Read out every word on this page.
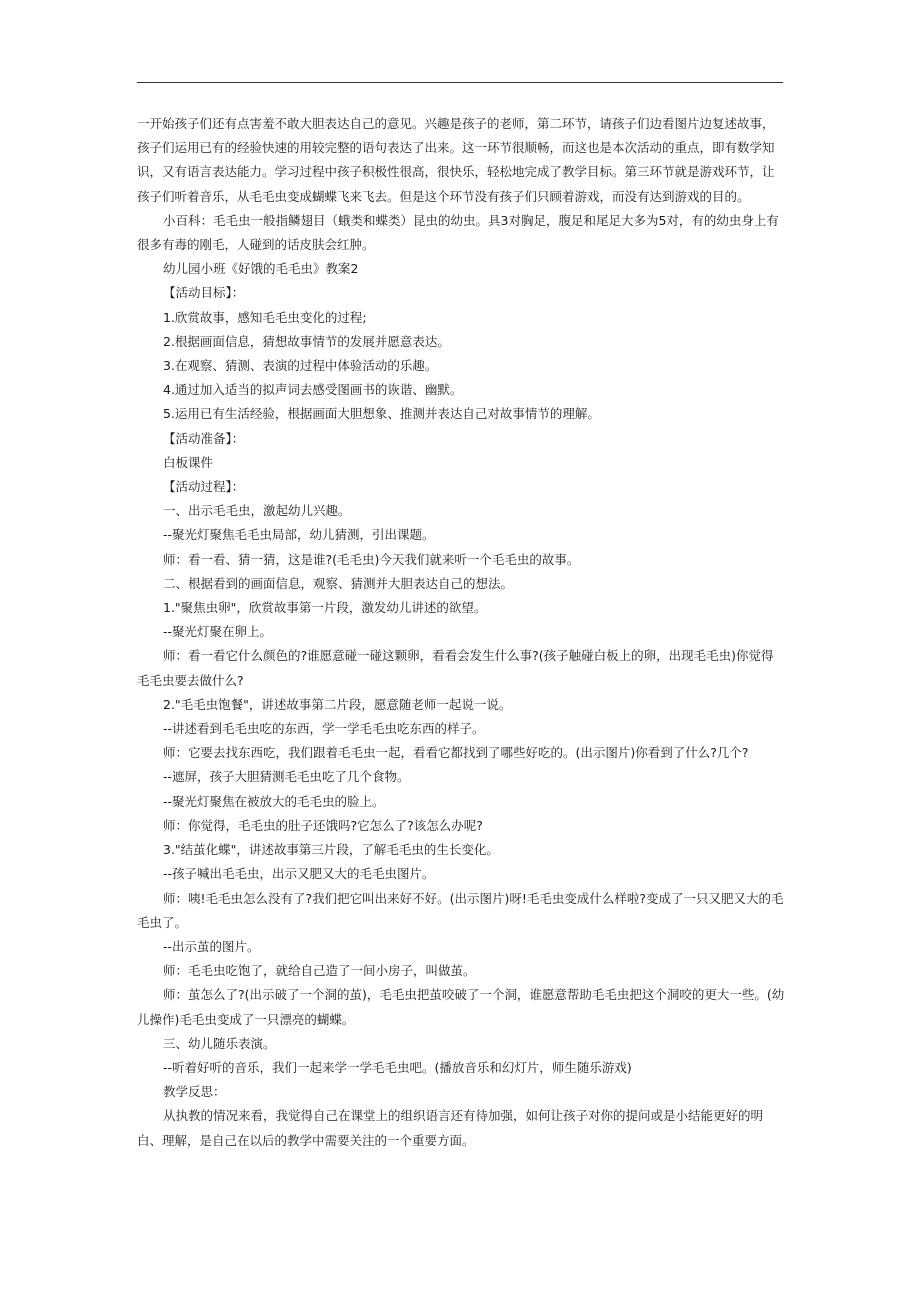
一开始孩子们还有点害羞不敢大胆表达自己的意见。兴趣是孩子的老师，第二环节，请孩子们边看图片边复述故事，孩子们运用已有的经验快速的用较完整的语句表达了出来。这一环节很顺畅，而这也是本次活动的重点，即有数学知识，又有语言表达能力。学习过程中孩子积极性很高，很快乐，轻松地完成了教学目标。第三环节就是游戏环节，让孩子们听着音乐，从毛毛虫变成蝴蝶飞来飞去。但是这个环节没有孩子们只顾着游戏，而没有达到游戏的目的。

小百科：毛毛虫一般指鳞翅目（蛾类和蝶类）昆虫的幼虫。具3对胸足，腹足和尾足大多为5对，有的幼虫身上有很多有毒的刚毛，人碰到的话皮肤会红肿。

幼儿园小班《好饿的毛毛虫》教案2

【活动目标】：

1.欣赏故事，感知毛毛虫变化的过程;

2.根据画面信息，猜想故事情节的发展并愿意表达。

3.在观察、猜测、表演的过程中体验活动的乐趣。

4.通过加入适当的拟声词去感受图画书的诙谐、幽默。

5.运用已有生活经验，根据画面大胆想象、推测并表达自己对故事情节的理解。

【活动准备】：

白板课件

【活动过程】：

一、出示毛毛虫，激起幼儿兴趣。

--聚光灯聚焦毛毛虫局部，幼儿猜测，引出课题。

师：看一看、猜一猜，这是谁?(毛毛虫)今天我们就来听一个毛毛虫的故事。

二、根据看到的画面信息，观察、猜测并大胆表达自己的想法。

1."聚焦虫卵"，欣赏故事第一片段，激发幼儿讲述的欲望。

--聚光灯聚在卵上。

师：看一看它什么颜色的?谁愿意碰一碰这颗卵，看看会发生什么事?(孩子触碰白板上的卵，出现毛毛虫)你觉得毛毛虫要去做什么?

2."毛毛虫饱餐"，讲述故事第二片段，愿意随老师一起说一说。

--讲述看到毛毛虫吃的东西，学一学毛毛虫吃东西的样子。

师：它要去找东西吃，我们跟着毛毛虫一起，看看它都找到了哪些好吃的。(出示图片)你看到了什么?几个?

--遮屏，孩子大胆猜测毛毛虫吃了几个食物。

--聚光灯聚焦在被放大的毛毛虫的脸上。

师：你觉得，毛毛虫的肚子还饿吗?它怎么了?该怎么办呢?

3."结茧化蝶"，讲述故事第三片段，了解毛毛虫的生长变化。

--孩子喊出毛毛虫，出示又肥又大的毛毛虫图片。

师：咦!毛毛虫怎么没有了?我们把它叫出来好不好。(出示图片)呀!毛毛虫变成什么样啦?变成了一只又肥又大的毛毛虫了。

--出示茧的图片。

师：毛毛虫吃饱了，就给自己造了一间小房子，叫做茧。

师：茧怎么了?(出示破了一个洞的茧)，毛毛虫把茧咬破了一个洞，谁愿意帮助毛毛虫把这个洞咬的更大一些。(幼儿操作)毛毛虫变成了一只漂亮的蝴蝶。

三、幼儿随乐表演。

--听着好听的音乐，我们一起来学一学毛毛虫吧。(播放音乐和幻灯片，师生随乐游戏)

教学反思：

从执教的情况来看，我觉得自己在课堂上的组织语言还有待加强，如何让孩子对你的提问或是小结能更好的明白、理解，是自己在以后的教学中需要关注的一个重要方面。
